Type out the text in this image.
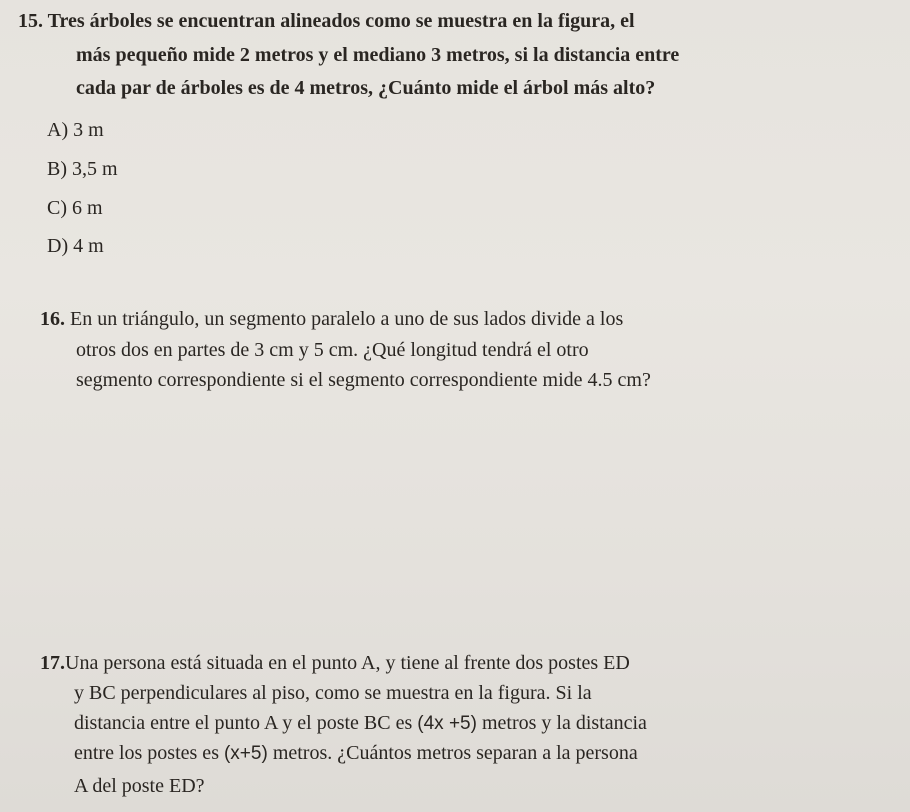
15. Tres árboles se encuentran alineados como se muestra en la figura, el
más pequeño mide 2 metros y el mediano 3 metros, si la distancia entre
cada par de árboles es de 4 metros, ¿Cuánto mide el árbol más alto?
A) 3 m
B) 3,5 m
C) 6 m
D) 4 m
16. En un triángulo, un segmento paralelo a uno de sus lados divide a los
otros dos en partes de 3 cm y 5 cm. ¿Qué longitud tendrá el otro
segmento correspondiente si el segmento correspondiente mide 4.5 cm?
17.Una persona está situada en el punto A, y tiene al frente dos postes ED
y BC perpendiculares al piso, como se muestra en la figura. Si la
distancia entre el punto A y el poste BC es (4x +5) metros y la distancia
entre los postes es (x+5) metros. ¿Cuántos metros separan a la persona
A del poste ED?
